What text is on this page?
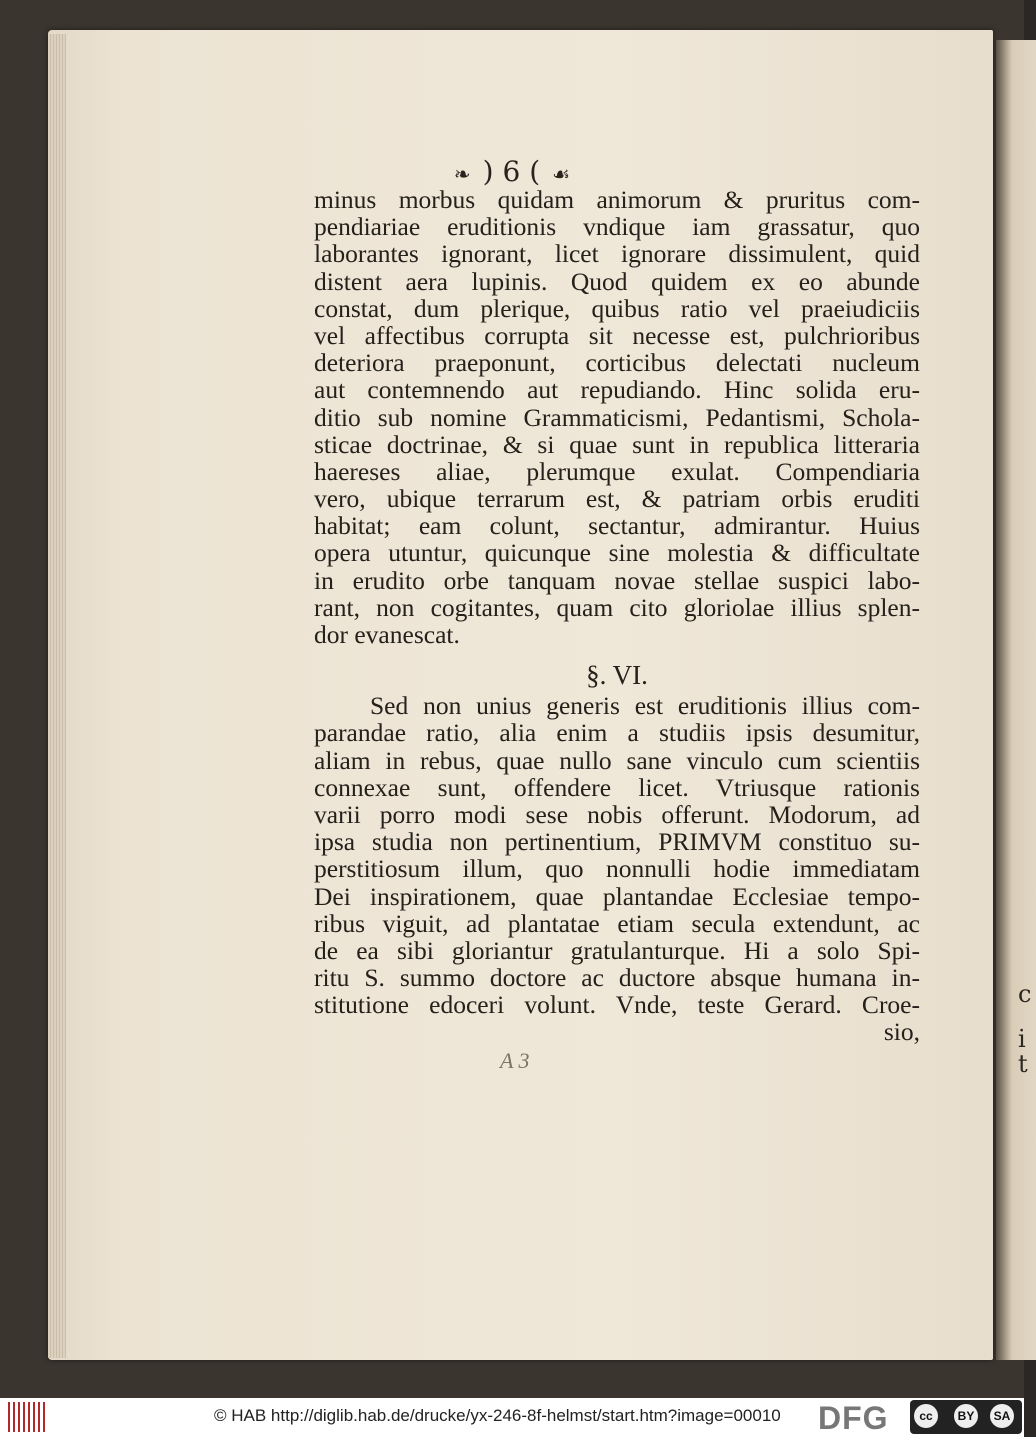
c
i
t
❧ ) 6 ( ☙
minus morbus quidam animorum & pruritus com-
pendiariae eruditionis vndique iam grassatur, quo
laborantes ignorant, licet ignorare dissimulent, quid
distent aera lupinis. Quod quidem ex eo abunde
constat, dum plerique, quibus ratio vel praeiudiciis
vel affectibus corrupta sit necesse est, pulchrioribus
deteriora praeponunt, corticibus delectati nucleum
aut contemnendo aut repudiando. Hinc solida eru-
ditio sub nomine Grammaticismi, Pedantismi, Schola-
sticae doctrinae, & si quae sunt in republica litteraria
haereses aliae, plerumque exulat. Compendiaria
vero, ubique terrarum est, & patriam orbis eruditi
habitat; eam colunt, sectantur, admirantur. Huius
opera utuntur, quicunque sine molestia & difficultate
in erudito orbe tanquam novae stellae suspici labo-
rant, non cogitantes, quam cito gloriolae illius splen-
dor evanescat.
§. VI.
Sed non unius generis est eruditionis illius com-
parandae ratio, alia enim a studiis ipsis desumitur,
aliam in rebus, quae nullo sane vinculo cum scientiis
connexae sunt, offendere licet. Vtriusque rationis
varii porro modi sese nobis offerunt. Modorum, ad
ipsa studia non pertinentium, PRIMVM constituo su-
perstitiosum illum, quo nonnulli hodie immediatam
Dei inspirationem, quae plantandae Ecclesiae tempo-
ribus viguit, ad plantatae etiam secula extendunt, ac
de ea sibi gloriantur gratulanturque. Hi a solo Spi-
ritu S. summo doctore ac ductore absque humana in-
stitutione edoceri volunt. Vnde, teste Gerard. Croe-
sio,
A 3
© HAB http://diglib.hab.de/drucke/yx-246-8f-helmst/start.htm?image=00010 DFG	cc	BY	SA
